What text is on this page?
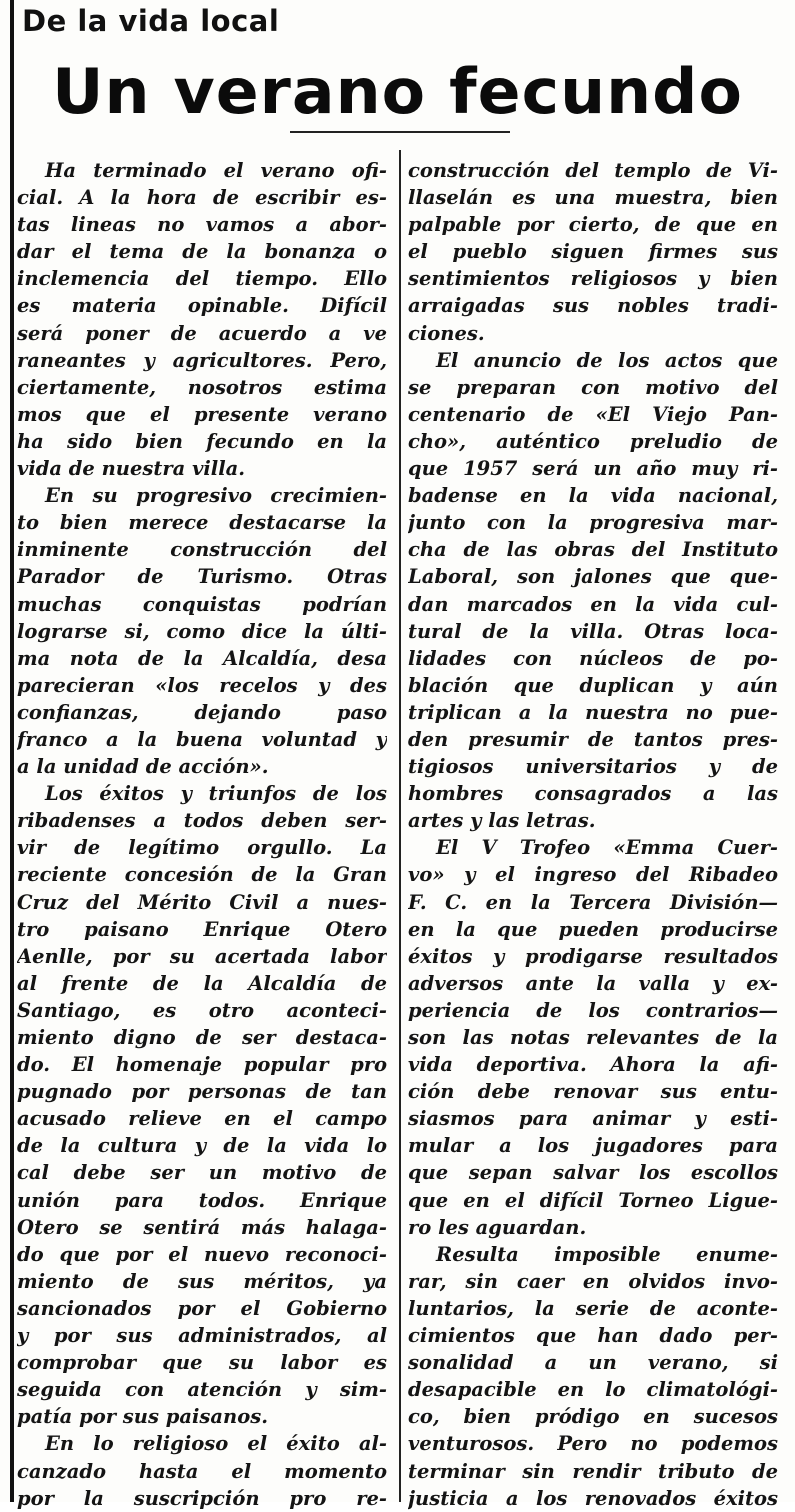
De la vida local
Un verano fecundo
Ha terminado el verano ofi-
cial. A la hora de escribir es-
tas lineas no vamos a abor-
dar el tema de la bonanza o
inclemencia del tiempo. Ello
es materia opinable. Difícil
será poner de acuerdo a ve
raneantes y agricultores. Pero,
ciertamente, nosotros estima
mos que el presente verano
ha sido bien fecundo en la
vida de nuestra villa.
En su progresivo crecimien-
to bien merece destacarse la
inminente construcción del
Parador de Turismo. Otras
muchas conquistas podrían
lograrse si, como dice la últi-
ma nota de la Alcaldía, desa
parecieran «los recelos y des
confianzas, dejando paso
franco a la buena voluntad y
a la unidad de acción».
Los éxitos y triunfos de los
ribadenses a todos deben ser-
vir de legítimo orgullo. La
reciente concesión de la Gran
Cruz del Mérito Civil a nues-
tro paisano Enrique Otero
Aenlle, por su acertada labor
al frente de la Alcaldía de
Santiago, es otro aconteci-
miento digno de ser destaca-
do. El homenaje popular pro
pugnado por personas de tan
acusado relieve en el campo
de la cultura y de la vida lo
cal debe ser un motivo de
unión para todos. Enrique
Otero se sentirá más halaga-
do que por el nuevo reconoci-
miento de sus méritos, ya
sancionados por el Gobierno
y por sus administrados, al
comprobar que su labor es
seguida con atención y sim-
patía por sus paisanos.
En lo religioso el éxito al-
canzado hasta el momento
por la suscripción pro re-
construcción del templo de Vi-
llaselán es una muestra, bien
palpable por cierto, de que en
el pueblo siguen firmes sus
sentimientos religiosos y bien
arraigadas sus nobles tradi-
ciones.
El anuncio de los actos que
se preparan con motivo del
centenario de «El Viejo Pan-
cho», auténtico preludio de
que 1957 será un año muy ri-
badense en la vida nacional,
junto con la progresiva mar-
cha de las obras del Instituto
Laboral, son jalones que que-
dan marcados en la vida cul-
tural de la villa. Otras loca-
lidades con núcleos de po-
blación que duplican y aún
triplican a la nuestra no pue-
den presumir de tantos pres-
tigiosos universitarios y de
hombres consagrados a las
artes y las letras.
El V Trofeo «Emma Cuer-
vo» y el ingreso del Ribadeo
F. C. en la Tercera División—
en la que pueden producirse
éxitos y prodigarse resultados
adversos ante la valla y ex-
periencia de los contrarios—
son las notas relevantes de la
vida deportiva. Ahora la afi-
ción debe renovar sus entu-
siasmos para animar y esti-
mular a los jugadores para
que sepan salvar los escollos
que en el difícil Torneo Ligue-
ro les aguardan.
Resulta imposible enume-
rar, sin caer en olvidos invo-
luntarios, la serie de aconte-
cimientos que han dado per-
sonalidad a un verano, si
desapacible en lo climatológi-
co, bien pródigo en sucesos
venturosos. Pero no podemos
terminar sin rendir tributo de
justicia a los renovados éxitos
